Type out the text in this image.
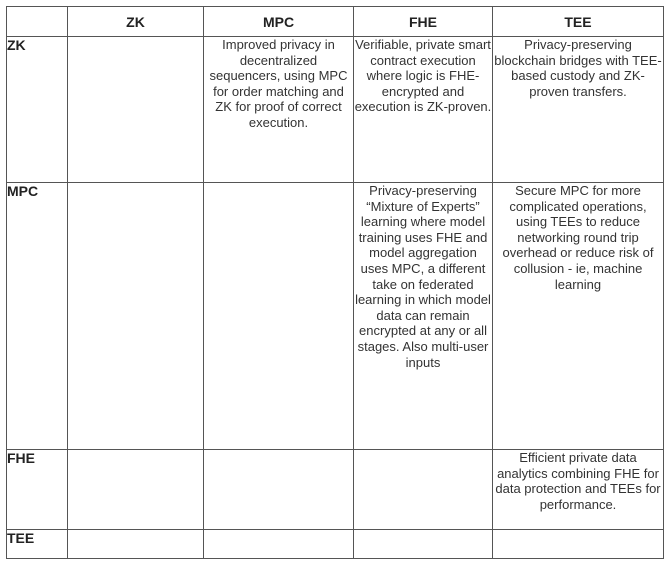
	ZK	MPC	FHE	TEE
ZK		Improved privacy in decentralized sequencers, using MPC for order matching and ZK for proof of correct execution.	Verifiable, private smart contract execution where logic is FHE-encrypted and execution is ZK-proven.	Privacy-preserving blockchain bridges with TEE-based custody and ZK-proven transfers.
MPC			Privacy-preserving “Mixture of Experts” learning where model training uses FHE and model aggregation uses MPC, a different take on federated learning in which model data can remain encrypted at any or all stages. Also multi-user inputs	Secure MPC for more complicated operations, using TEEs to reduce networking round trip overhead or reduce risk of collusion - ie, machine learning
FHE				Efficient private data analytics combining FHE for data protection and TEEs for performance.
TEE				
